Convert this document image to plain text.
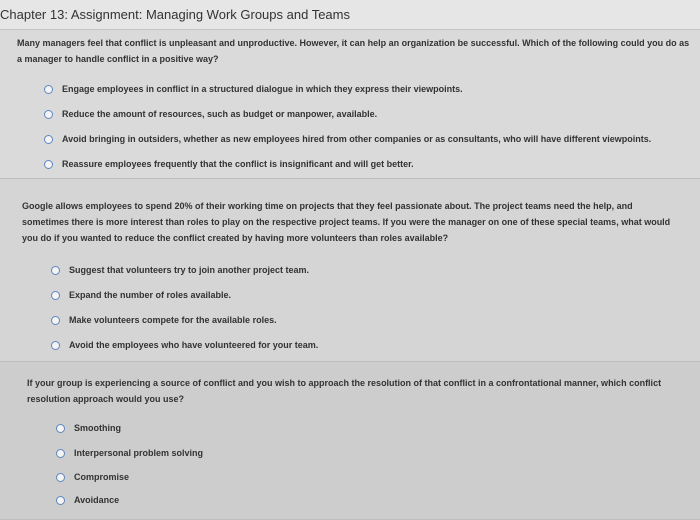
Chapter 13: Assignment: Managing Work Groups and Teams
Many managers feel that conflict is unpleasant and unproductive. However, it can help an organization be successful. Which of the following could you do as a manager to handle conflict in a positive way?
Engage employees in conflict in a structured dialogue in which they express their viewpoints.
Reduce the amount of resources, such as budget or manpower, available.
Avoid bringing in outsiders, whether as new employees hired from other companies or as consultants, who will have different viewpoints.
Reassure employees frequently that the conflict is insignificant and will get better.
Google allows employees to spend 20% of their working time on projects that they feel passionate about. The project teams need the help, and sometimes there is more interest than roles to play on the respective project teams. If you were the manager on one of these special teams, what would you do if you wanted to reduce the conflict created by having more volunteers than roles available?
Suggest that volunteers try to join another project team.
Expand the number of roles available.
Make volunteers compete for the available roles.
Avoid the employees who have volunteered for your team.
If your group is experiencing a source of conflict and you wish to approach the resolution of that conflict in a confrontational manner, which conflict resolution approach would you use?
Smoothing
Interpersonal problem solving
Compromise
Avoidance
